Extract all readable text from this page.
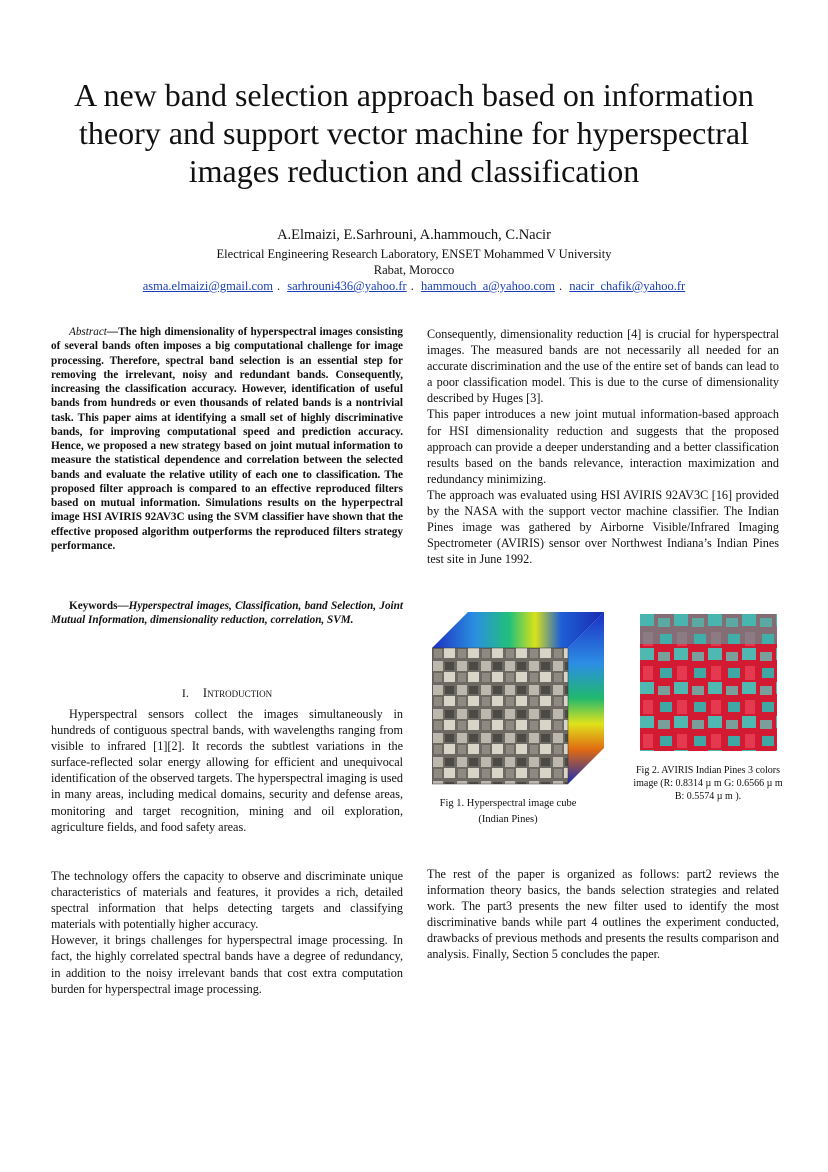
A new band selection approach based on information theory and support vector machine for hyperspectral images reduction and classification
A.Elmaizi, E.Sarhrouni, A.hammouch, C.Nacir
Electrical Engineering Research Laboratory, ENSET Mohammed V University
Rabat, Morocco
asma.elmaizi@gmail.com . sarhrouni436@yahoo.fr . hammouch_a@yahoo.com . nacir_chafik@yahoo.fr
Abstract—The high dimensionality of hyperspectral images consisting of several bands often imposes a big computational challenge for image processing. Therefore, spectral band selection is an essential step for removing the irrelevant, noisy and redundant bands. Consequently, increasing the classification accuracy. However, identification of useful bands from hundreds or even thousands of related bands is a nontrivial task. This paper aims at identifying a small set of highly discriminative bands, for improving computational speed and prediction accuracy. Hence, we proposed a new strategy based on joint mutual information to measure the statistical dependence and correlation between the selected bands and evaluate the relative utility of each one to classification. The proposed filter approach is compared to an effective reproduced filters based on mutual information. Simulations results on the hyperpectral image HSI AVIRIS 92AV3C using the SVM classifier have shown that the effective proposed algorithm outperforms the reproduced filters strategy performance.
Keywords—Hyperspectral images, Classification, band Selection, Joint Mutual Information, dimensionality reduction, correlation, SVM.
I. Introduction
Hyperspectral sensors collect the images simultaneously in hundreds of contiguous spectral bands, with wavelengths ranging from visible to infrared [1][2]. It records the subtlest variations in the surface-reflected solar energy allowing for efficient and unequivocal identification of the observed targets. The hyperspectral imaging is used in many areas, including medical domains, security and defense areas, monitoring and target recognition, mining and oil exploration, agriculture fields, and food safety areas.

The technology offers the capacity to observe and discriminate unique characteristics of materials and features, it provides a rich, detailed spectral information that helps detecting targets and classifying materials with potentially higher accuracy.

However, it brings challenges for hyperspectral image processing. In fact, the highly correlated spectral bands have a degree of redundancy, in addition to the noisy irrelevant bands that cost extra computation burden for hyperspectral image processing.

Consequently, dimensionality reduction [4] is crucial for hyperspectral images. The measured bands are not necessarily all needed for an accurate discrimination and the use of the entire set of bands can lead to a poor classification model. This is due to the curse of dimensionality described by Huges [3].

This paper introduces a new joint mutual information-based approach for HSI dimensionality reduction and suggests that the proposed approach can provide a deeper understanding and a better classification results based on the bands relevance, interaction maximization and redundancy minimizing.

The approach was evaluated using HSI AVIRIS 92AV3C [16] provided by the NASA with the support vector machine classifier. The Indian Pines image was gathered by Airborne Visible/Infrared Imaging Spectrometer (AVIRIS) sensor over Northwest Indiana’s Indian Pines test site in June 1992.

Fig 1. Hyperspectral image cube (Indian Pines)
Fig 2. AVIRIS Indian Pines 3 colors image (R: 0.8314 µ m G: 0.6566 µ m B: 0.5574 µ m ).
The rest of the paper is organized as follows: part2 reviews the information theory basics, the bands selection strategies and related work. The part3 presents the new filter used to identify the most discriminative bands while part 4 outlines the experiment conducted, drawbacks of previous methods and presents the results comparison and analysis. Finally, Section 5 concludes the paper.
